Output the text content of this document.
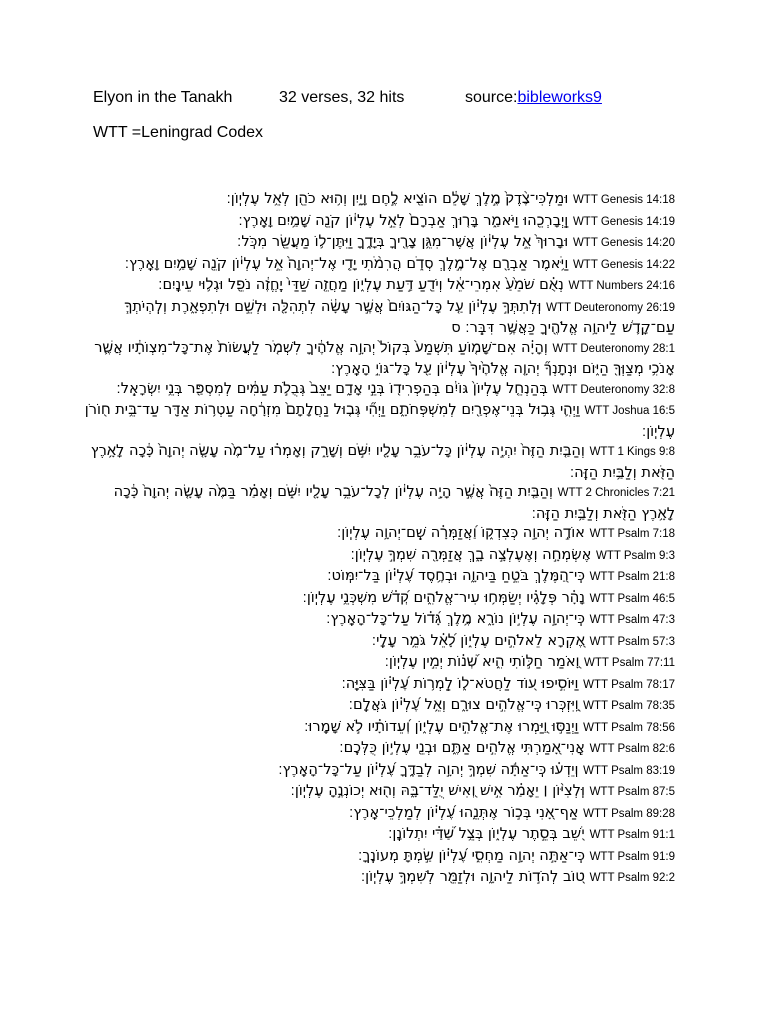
Elyon in the Tanakh	32 verses, 32 hits	source:bibleworks9
WTT =Leningrad Codex
WTT Genesis 14:18 וּמַלְכִּי־צֶ֨דֶק֙ מֶ֣לֶךְ שָׁלֵ֔ם הוֹצִ֖יא לֶ֣חֶם וָיָ֑יִן וְה֥וּא כֹהֵ֖ן לְאֵ֥ל עֶלְיֽוֹן׃
WTT Genesis 14:19 וַֽיְבָרְכֵ֖הוּ וַיֹּאמַ֑ר בָּר֤וּךְ אַבְרָם֙ לְאֵ֣ל עֶלְי֔וֹן קֹנֵ֖ה שָׁמַ֥יִם וָאָֽרֶץ׃
WTT Genesis 14:20 וּבָרוּךְ֙ אֵ֣ל עֶלְי֔וֹן אֲשֶׁר־מִגֵּ֥ן צָרֶ֖יךָ בְּיָדֶ֑ךָ וַיִּתֶּן־ל֥וֹ מַעֲשֵׂ֖ר מִכֹּֽל׃
WTT Genesis 14:22 וַיֹּ֥אמֶר אַבְרָ֖ם אֶל־מֶ֣לֶךְ סְדֹ֑ם הֲרִמֹ֨תִי יָדִ֤י אֶל־יְהוָה֙ אֵ֣ל עֶלְי֔וֹן קֹנֵ֖ה שָׁמַ֥יִם וָאָֽרֶץ׃
WTT Numbers 24:16 נְאֻ֗ם שֹׁמֵ֙עַ֙ אִמְרֵי־אֵ֔ל וְיֹדֵ֖עַ דַּ֣עַת עֶלְי֑וֹן מַחֲזֵ֤ה שַׁדַּי֙ יֶֽחֱזֶ֔ה נֹפֵ֖ל וּגְל֥וּי עֵינָֽיִם׃
WTT Deuteronomy 26:19 וּֽלְתִתְּךָ֣ עֶלְי֗וֹן עַ֤ל כָּל־הַגּוֹיִם֙ אֲשֶׁ֣ר עָשָׂ֔ה לִתְהִלָּ֖ה וּלְשֵׁ֣ם וּלְתִפְאָ֑רֶת וְלִֽהְיֹתְךָ֧ עַם־קָדֹ֛שׁ לַיהוָ֥ה אֱלֹהֶ֖יךָ כַּאֲשֶׁ֥ר דִּבֵּֽר׃ ס
WTT Deuteronomy 28:1 וְהָיָ֗ה אִם־שָׁמ֤וֹעַ תִּשְׁמַע֙ בְּקוֹל֙ יְהוָ֣ה אֱלֹהֶ֔יךָ לִשְׁמֹ֤ר לַעֲשׂוֹת֙ אֶת־כָּל־מִצְוֹתָ֔יו אֲשֶׁ֛ר אָנֹכִ֥י מְצַוְּךָ֖ הַיּ֑וֹם וּנְתָנְךָ֞ יְהוָ֤ה אֱלֹהֶ֙יךָ֙ עֶלְי֔וֹן עַ֖ל כָּל־גּוֹיֵ֥ הָאָֽרֶץ׃
WTT Deuteronomy 32:8 בְּהַנְחֵ֤ל עֶלְיוֹן֙ גּוֹיִ֔ם בְּהַפְרִיד֖וֹ בְּנֵ֣י אָדָ֑ם יַצֵּב֙ גְּבֻלֹ֣ת עַמִּ֔ים לְמִסְפַּ֖ר בְּנֵ֥י יִשְׂרָאֵֽל׃
WTT Joshua 16:5 וַיְהִ֛י גְּב֥וּל בְּנֵי־אֶפְרַ֖יִם לְמִשְׁפְּחֹתָ֑ם וַיְהִ֞י גְּב֤וּל נַחֲלָתָם֙ מִזְרָ֔חָה עַטְר֥וֹת אַדָּ֖ר עַד־בֵּ֥ית ח֖וֹרֹן עֶלְיֽוֹן׃
WTT 1 Kings 9:8 וְהַבַּ֤יִת הַזֶּה֙ יִהְיֶ֣ה עֶלְי֔וֹן כָּל־עֹבֵ֥ר עָלָ֖יו יִשֹּׁ֣ם וְשָׁרָ֑ק וְאָמְר֗וּ עַל־מֶ֙ה עָשָׂ֤ה יְהוָה֙ כָּ֔כָה לָאָ֥רֶץ הַזֹּ֖את וְלַבַּ֥יִת הַזֶּֽה׃
WTT 2 Chronicles 7:21 וְהַבַּ֤יִת הַזֶּה֙ אֲשֶׁ֣ר הָיָ֣ה עֶלְי֔וֹן לְכָל־עֹבֵ֥ר עָלָ֖יו יִשֹּׁ֑ם וְאָמַ֗ר בַּמֶּ֙ה עָשָׂ֤ה יְהוָה֙ כָּ֔כָה לָאָ֥רֶץ הַזֹּ֖את וְלַבַּ֥יִת הַזֶּֽה׃
WTT Psalm 7:18 אוֹדֶ֣ה יְהוָ֣ה כְּצִדְק֑וֹ וַ֝אֲזַמְּרָ֗ה שֵֽׁם־יְהוָ֥ה עֶלְיֽוֹן׃
WTT Psalm 9:3 אֶשְׂמְחָ֣ה וְאֶעֶלְצָ֣ה בָ֑ךְ אֲזַמְּרָ֖ה שִׁמְךָ֣ עֶלְיֽוֹן׃
WTT Psalm 21:8 כִּֽי־הַ֭מֶּלֶךְ בֹּטֵ֣חַ בַּיהוָ֑ה וּבְחֶ֥סֶד עֶ֝לְי֗וֹן בַּל־יִמּֽוֹט׃
WTT Psalm 46:5 נָהָ֗ר פְּלָגָ֗יו יְשַׂמְּח֥וּ עִיר־אֱלֹהִ֑ים קְ֝דֹ֗שׁ מִשְׁכְּנֵ֥י עֶלְיֽוֹן׃
WTT Psalm 47:3 כִּֽי־יְהוָ֣ה עֶלְי֣וֹן נוֹרָ֑א מֶ֥לֶךְ גָּ֝ד֗וֹל עַל־כָּל־הָאָֽרֶץ׃
WTT Psalm 57:3 אֶ֭קְרָא לֵאלֹהִ֣ים עֶלְי֑וֹן לָ֝אֵ֗ל גֹּמֵ֥ר עָלָֽי׃
WTT Psalm 77:11 וָ֭אֹמַר חַלּ֣וֹתִי הִ֑יא שְׁ֝נ֗וֹת יְמִ֣ין עֶלְיֽוֹן׃
WTT Psalm 78:17 וַיּוֹסִ֣יפוּ ע֭וֹד לַחֲטֹא־ל֑וֹ לַֽמְר֥וֹת עֶ֝לְי֗וֹן בַּצִּיָּֽה׃
WTT Psalm 78:35 וַֽ֭יִּזְכְּרוּ כִּֽי־אֱלֹהִ֣ים צוּרָ֑ם וְאֵ֥ל עֶ֝לְי֗וֹן גֹּאֲלָֽם׃
WTT Psalm 78:56 וַיְנַסּ֣וּ וַ֭יַּמְרוּ אֶת־אֱלֹהִ֣ים עֶלְי֑וֹן וְ֝עֵדוֹתָ֗יו לֹ֣א שָׁמָֽרוּ׃
WTT Psalm 82:6 אֲֽנִי־אָ֭מַרְתִּי אֱלֹהִ֣ים אַתֶּ֑ם וּבְנֵ֖י עֶלְי֣וֹן כֻּלְּכֶֽם׃
WTT Psalm 83:19 וְֽיֵדְע֗וּ כִּֽי־אַתָּ֬ה שִׁמְךָ֣ יְהוָ֣ה לְבַדֶּ֑ךָ עֶ֝לְי֗וֹן עַל־כָּל־הָאָֽרֶץ׃
WTT Psalm 87:5 וּֽלְצִיּ֨וֹן ׀ יֵאָמַ֗ר אִ֣ישׁ וְ֭אִישׁ יֻלַּד־בָּ֑הּ וְה֖וּא יְכוֹנְנֶ֣הָ עֶלְיֽוֹן׃
WTT Psalm 89:28 אַף־אָ֭נִי בְּכ֣וֹר אֶתְּנֵ֑הוּ עֶ֝לְי֗וֹן לְמַלְכֵי־אָֽרֶץ׃
WTT Psalm 91:1 יֹ֭שֵׁב בְּסֵ֣תֶר עֶלְי֑וֹן בְּצֵ֥ל שַׁ֝דַּ֗י יִתְלוֹנָֽן׃
WTT Psalm 91:9 כִּֽי־אַתָּ֣ה יְהוָ֣ה מַחְסִ֑י עֶ֝לְי֗וֹן שַׂ֣מְתָּ מְעוֹנֶֽךָ׃
WTT Psalm 92:2 ט֭וֹב לְהֹד֣וֹת לַיהוָ֑ה וּלְזַמֵּ֖ר לְשִׁמְךָ֣ עֶלְיֽוֹן׃
